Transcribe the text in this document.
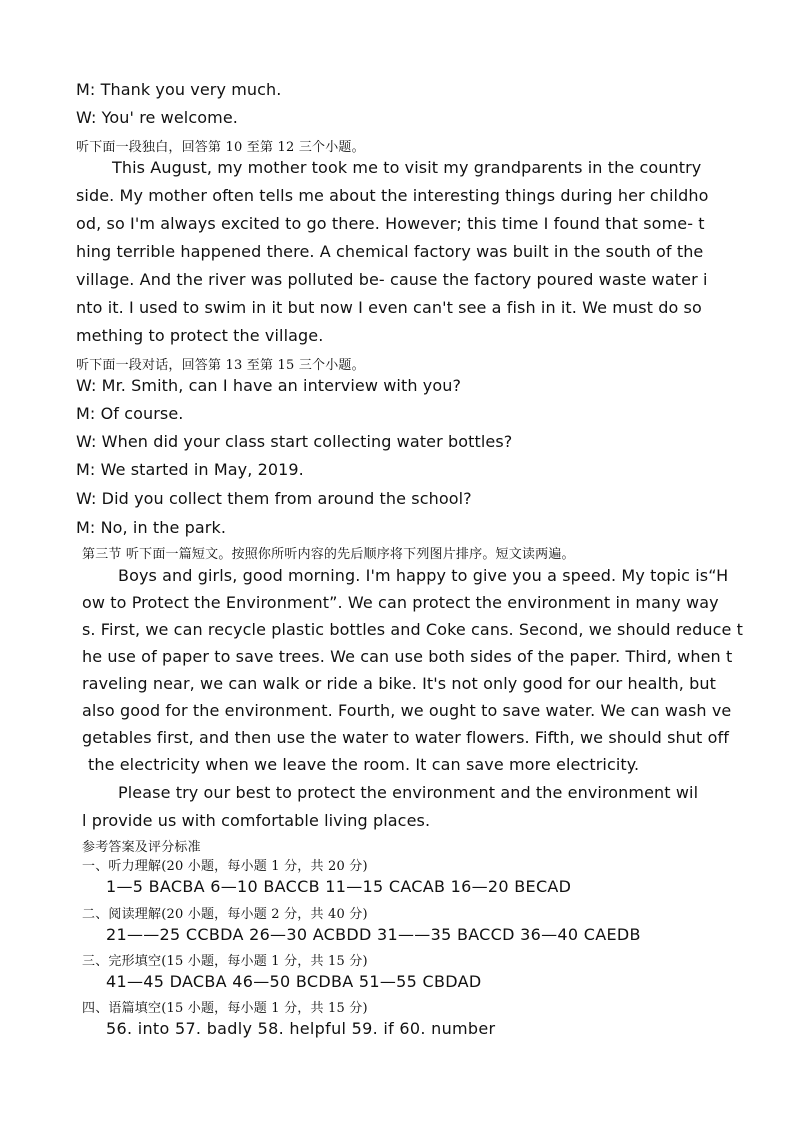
M: Thank you very much.
W: You' re welcome.
听下面一段独白，回答第 10 至第 12 三个小题。
This August, my mother took me to visit my grandparents in the country
side. My mother often tells me about the interesting things during her childho
od, so I'm always excited to go there. However; this time I found that some- t
hing terrible happened there. A chemical factory was built in the south of the
village. And the river was polluted be- cause the factory poured waste water i
nto it. I used to swim in it but now I even can't see a fish in it. We must do so
mething to protect the village.
听下面一段对话，回答第 13 至第 15 三个小题。
W: Mr. Smith, can I have an interview with you?
M: Of course.
W: When did your class start collecting water bottles?
M: We started in May, 2019.
W: Did you collect them from around the school?
M: No, in the park.
第三节 听下面一篇短文。按照你所听内容的先后顺序将下列图片排序。短文读两遍。
Boys and girls, good morning. I'm happy to give you a speed. My topic is“H
ow to Protect the Environment”. We can protect the environment in many way
s. First, we can recycle plastic bottles and Coke cans. Second, we should reduce t
he use of paper to save trees. We can use both sides of the paper. Third, when t
raveling near, we can walk or ride a bike. It's not only good for our health, but
also good for the environment. Fourth, we ought to save water. We can wash ve
getables first, and then use the water to water flowers. Fifth, we should shut off
the electricity when we leave the room. It can save more electricity.
Please try our best to protect the environment and the environment wil
l provide us with comfortable living places.
参考答案及评分标准
一、听力理解(20 小题，每小题 1 分，共 20 分)
1—5 BACBA 6—10 BACCB 11—15 CACAB 16—20 BECAD
二、阅读理解(20 小题，每小题 2 分，共 40 分)
21——25 CCBDA 26—30 ACBDD 31——35 BACCD 36—40 CAEDB
三、完形填空(15 小题，每小题 1 分，共 15 分)
41—45 DACBA 46—50 BCDBA 51—55 CBDAD
四、语篇填空(15 小题，每小题 1 分，共 15 分)
56. into 57. badly 58. helpful 59. if 60. number
